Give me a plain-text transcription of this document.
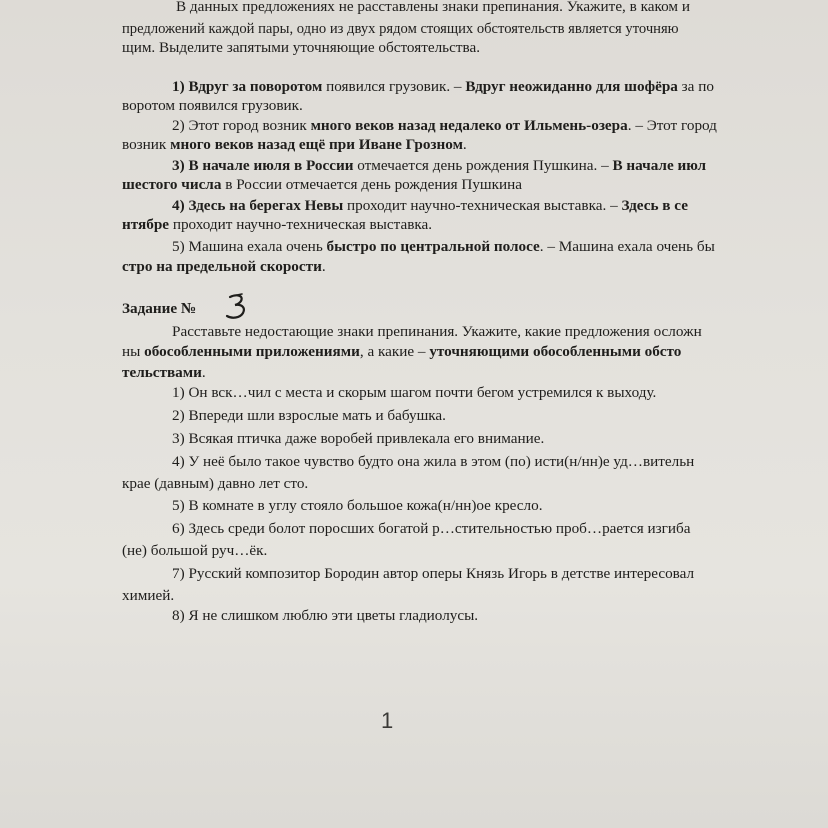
В данных предложениях не расставлены знаки препинания. Укажите, в каком и
предложений каждой пары, одно из двух рядом стоящих обстоятельств является уточняю
щим. Выделите запятыми уточняющие обстоятельства.
1) Вдруг за поворотом появился грузовик. – Вдруг неожиданно для шофёра за по
воротом появился грузовик.
2) Этот город возник много веков назад недалеко от Ильмень-озера. – Этот город
возник много веков назад ещё при Иване Грозном.
3) В начале июля в России отмечается день рождения Пушкина. – В начале июл
шестого числа в России отмечается день рождения Пушкина
4) Здесь на берегах Невы проходит научно-техническая выставка. – Здесь в се
нтябре проходит научно-техническая выставка.
5) Машина ехала очень быстро по центральной полосе. – Машина ехала очень бы
стро на предельной скорости.
Задание №
Расставьте недостающие знаки препинания. Укажите, какие предложения осложн
ны обособленными приложениями, а какие – уточняющими обособленными обсто
тельствами.
1) Он вск…чил с места и скорым шагом почти бегом устремился к выходу.
2) Впереди шли взрослые мать и бабушка.
3) Всякая птичка даже воробей привлекала его внимание.
4) У неё было такое чувство будто она жила в этом (по) исти(н/нн)е уд…вительн
крае (давным) давно лет сто.
5) В комнате в углу стояло большое кожа(н/нн)ое кресло.
6) Здесь среди болот поросших богатой р…стительностью проб…рается изгиба
(не) большой руч…ёк.
7) Русский композитор Бородин автор оперы Князь Игорь в детстве интересовал
химией.
8) Я не слишком люблю эти цветы гладиолусы.
1
